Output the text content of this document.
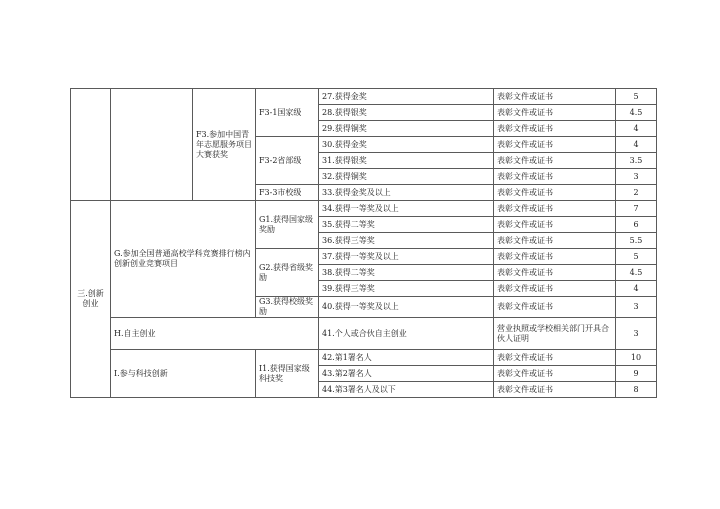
		F3.参加中国青年志愿服务项目大赛获奖	F3-1国家级	27.获得金奖	表彰文件或证书	5
				28.获得银奖	表彰文件或证书	4.5
				29.获得铜奖	表彰文件或证书	4
			F3-2省部级	30.获得金奖	表彰文件或证书	4
				31.获得银奖	表彰文件或证书	3.5
				32.获得铜奖	表彰文件或证书	3
			F3-3市校级	33.获得金奖及以上	表彰文件或证书	2
三.创新创业	G.参加全国普通高校学科竞赛排行榜内创新创业竞赛项目		G1.获得国家级奖励	34.获得一等奖及以上	表彰文件或证书	7
				35.获得二等奖	表彰文件或证书	6
				36.获得三等奖	表彰文件或证书	5.5
			G2.获得省级奖励	37.获得一等奖及以上	表彰文件或证书	5
				38.获得二等奖	表彰文件或证书	4.5
				39.获得三等奖	表彰文件或证书	4
			G3.获得校级奖励	40.获得一等奖及以上	表彰文件或证书	3
	H.自主创业			41.个人或合伙自主创业	营业执照或学校相关部门开具合伙人证明	3
	I.参与科技创新		I1.获得国家级科技奖	42.第1署名人	表彰文件或证书	10
				43.第2署名人	表彰文件或证书	9
				44.第3署名人及以下	表彰文件或证书	8
